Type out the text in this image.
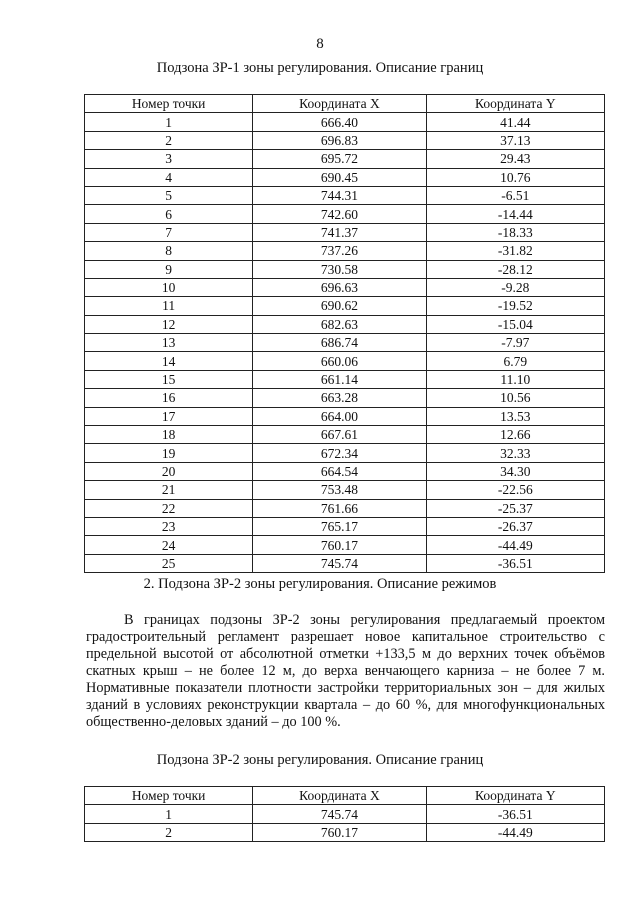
8
Подзона ЗР-1 зоны регулирования. Описание границ
Номер точки	Координата X	Координата Y
1	666.40	41.44
2	696.83	37.13
3	695.72	29.43
4	690.45	10.76
5	744.31	-6.51
6	742.60	-14.44
7	741.37	-18.33
8	737.26	-31.82
9	730.58	-28.12
10	696.63	-9.28
11	690.62	-19.52
12	682.63	-15.04
13	686.74	-7.97
14	660.06	6.79
15	661.14	11.10
16	663.28	10.56
17	664.00	13.53
18	667.61	12.66
19	672.34	32.33
20	664.54	34.30
21	753.48	-22.56
22	761.66	-25.37
23	765.17	-26.37
24	760.17	-44.49
25	745.74	-36.51
2. Подзона ЗР-2 зоны регулирования. Описание режимов

В границах подзоны ЗР-2 зоны регулирования предлагаемый проектом градостроительный регламент разрешает новое капитальное строительство с предельной высотой от абсолютной отметки +133,5 м до верхних точек объёмов скатных крыш – не более 12 м, до верха венчающего карниза – не более 7 м. Нормативные показатели плотности застройки территориальных зон – для жилых зданий в условиях реконструкции квартала – до 60 %, для многофункциональных общественно-деловых зданий – до 100 %.

Подзона ЗР-2 зоны регулирования. Описание границ
Номер точки	Координата X	Координата Y
1	745.74	-36.51
2	760.17	-44.49
